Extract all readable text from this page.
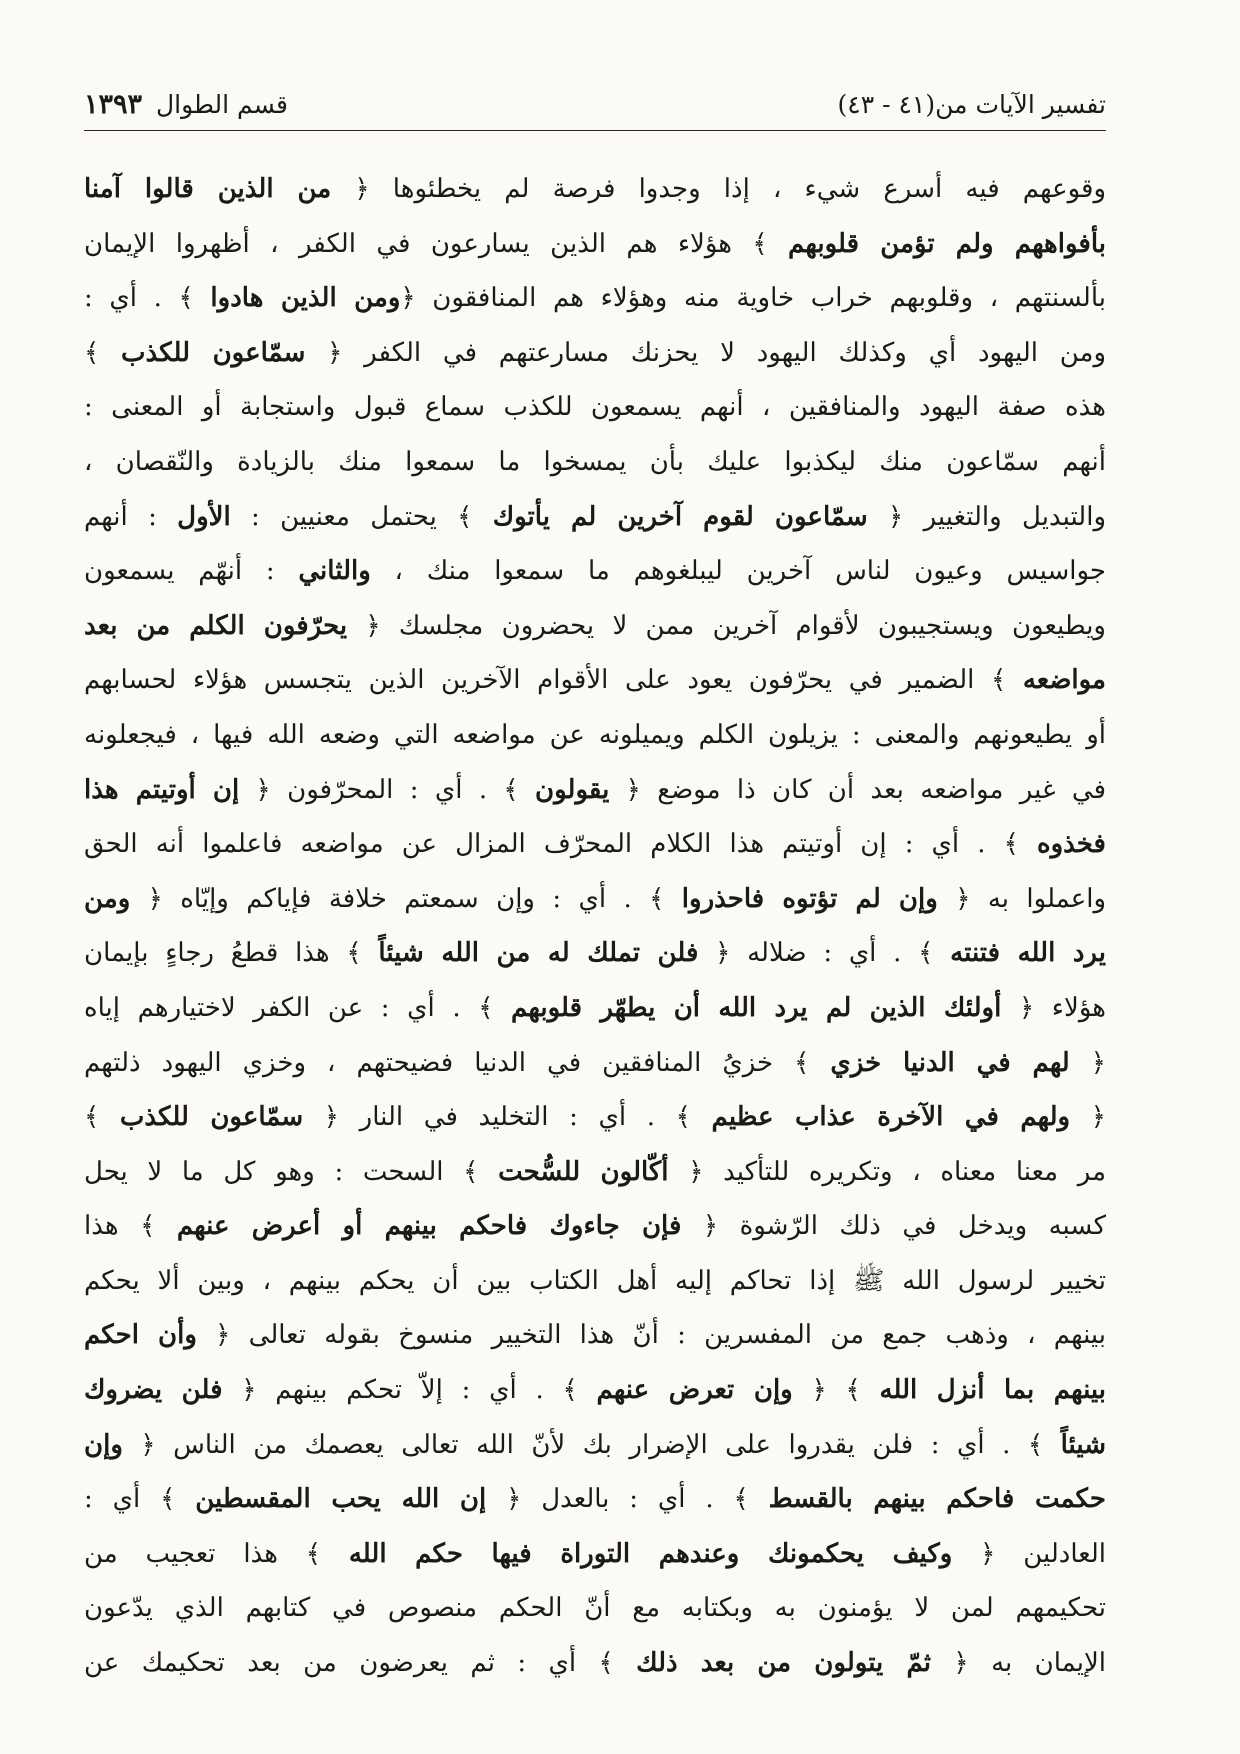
تفسير الآيات من(٤١ - ٤٣)
قسم الطوال١٣٩٣
وقوعهم فيه أسرع شيء ، إذا وجدوا فرصة لم يخطئوها ﴿ من الذين قالوا آمنا
بأفواههم ولم تؤمن قلوبهم ﴾ هؤلاء هم الذين يسارعون في الكفر ، أظهروا الإيمان
بألسنتهم ، وقلوبهم خراب خاوية منه وهؤلاء هم المنافقون ﴿ومن الذين هادوا ﴾ . أي :
ومن اليهود أي وكذلك اليهود لا يحزنك مسارعتهم في الكفر ﴿ سمّاعون للكذب ﴾
هذه صفة اليهود والمنافقين ، أنهم يسمعون للكذب سماع قبول واستجابة أو المعنى :
أنهم سمّاعون منك ليكذبوا عليك بأن يمسخوا ما سمعوا منك بالزيادة والنّقصان ،
والتبديل والتغيير ﴿ سمّاعون لقوم آخرين لم يأتوك ﴾ يحتمل معنيين : الأول : أنهم
جواسيس وعيون لناس آخرين ليبلغوهم ما سمعوا منك ، والثاني : أنهّم يسمعون
ويطيعون ويستجيبون لأقوام آخرين ممن لا يحضرون مجلسك ﴿ يحرّفون الكلم من بعد
مواضعه ﴾ الضمير في يحرّفون يعود على الأقوام الآخرين الذين يتجسس هؤلاء لحسابهم
أو يطيعونهم والمعنى : يزيلون الكلم ويميلونه عن مواضعه التي وضعه الله فيها ، فيجعلونه
في غير مواضعه بعد أن كان ذا موضع ﴿ يقولون ﴾ . أي : المحرّفون ﴿ إن أوتيتم هذا
فخذوه ﴾ . أي : إن أوتيتم هذا الكلام المحرّف المزال عن مواضعه فاعلموا أنه الحق
واعملوا به ﴿ وإن لم تؤتوه فاحذروا ﴾ . أي : وإن سمعتم خلافة فإياكم وإيّاه ﴿ ومن
يرد الله فتنته ﴾ . أي : ضلاله ﴿ فلن تملك له من الله شيئاً ﴾ هذا قطعُ رجاءٍ بإيمان
هؤلاء ﴿ أولئك الذين لم يرد الله أن يطهّر قلوبهم ﴾ . أي : عن الكفر لاختيارهم إياه
﴿ لهم في الدنيا خزي ﴾ خزيُ المنافقين في الدنيا فضيحتهم ، وخزي اليهود ذلتهم
﴿ ولهم في الآخرة عذاب عظيم ﴾ . أي : التخليد في النار ﴿ سمّاعون للكذب ﴾
مر معنا معناه ، وتكريره للتأكيد ﴿ أكّالون للسُّحت ﴾ السحت : وهو كل ما لا يحل
كسبه ويدخل في ذلك الرّشوة ﴿ فإن جاءوك فاحكم بينهم أو أعرض عنهم ﴾ هذا
تخيير لرسول الله ﷺ إذا تحاكم إليه أهل الكتاب بين أن يحكم بينهم ، وبين ألا يحكم
بينهم ، وذهب جمع من المفسرين : أنّ هذا التخيير منسوخ بقوله تعالى ﴿ وأن احكم
بينهم بما أنزل الله ﴾ ﴿ وإن تعرض عنهم ﴾ . أي : إلاّ تحكم بينهم ﴿ فلن يضروك
شيئاً ﴾ . أي : فلن يقدروا على الإضرار بك لأنّ الله تعالى يعصمك من الناس ﴿ وإن
حكمت فاحكم بينهم بالقسط ﴾ . أي : بالعدل ﴿ إن الله يحب المقسطين ﴾ أي :
العادلين ﴿ وكيف يحكمونك وعندهم التوراة فيها حكم الله ﴾ هذا تعجيب من
تحكيمهم لمن لا يؤمنون به وبكتابه مع أنّ الحكم منصوص في كتابهم الذي يدّعون
الإيمان به ﴿ ثمّ يتولون من بعد ذلك ﴾ أي : ثم يعرضون من بعد تحكيمك عن
